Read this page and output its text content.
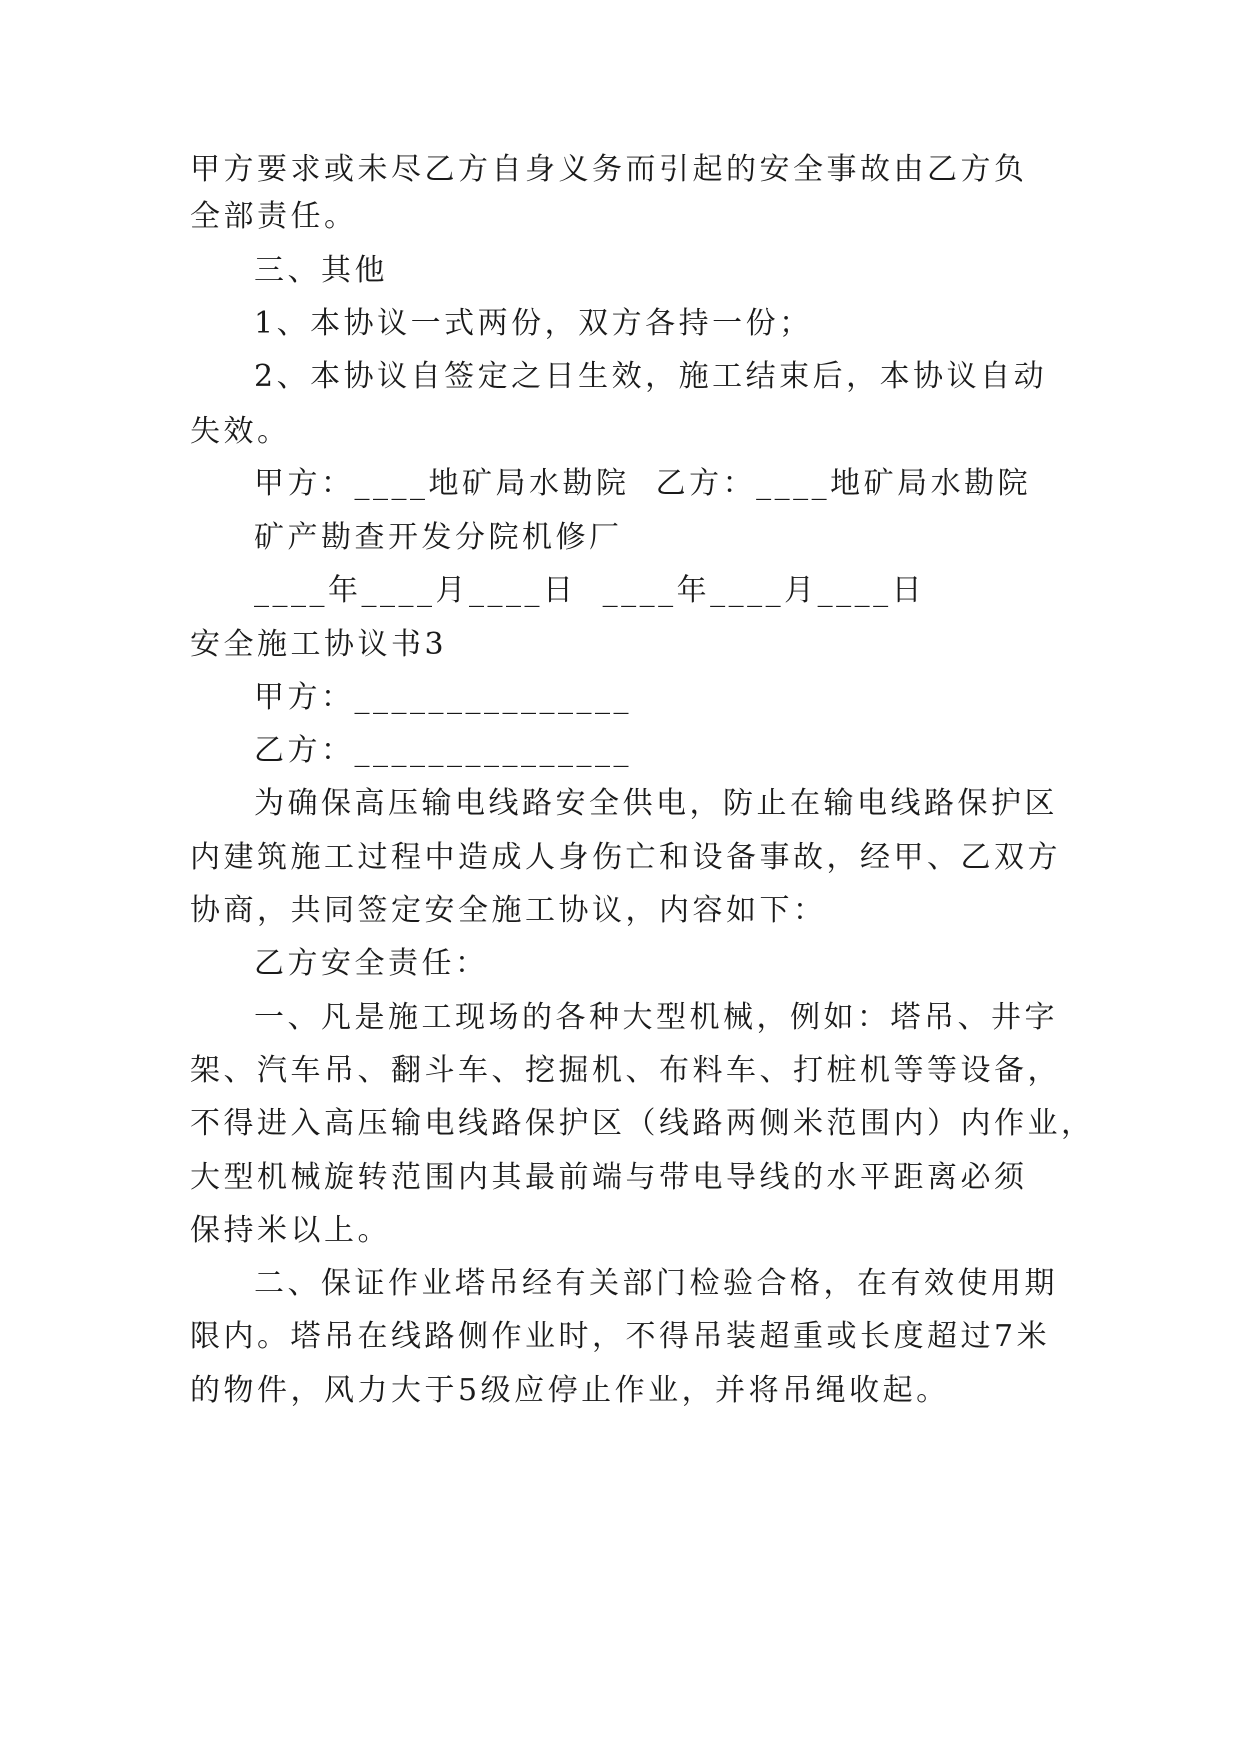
甲方要求或未尽乙方自身义务而引起的安全事故由乙方负
全部责任。
三、其他
1、本协议一式两份，双方各持一份；
2、本协议自签定之日生效，施工结束后，本协议自动
失效。
甲方：____地矿局水勘院  乙方：____地矿局水勘院
矿产勘查开发分院机修厂
____年____月____日  ____年____月____日
安全施工协议书3
甲方：_______________
乙方：_______________
为确保高压输电线路安全供电，防止在输电线路保护区
内建筑施工过程中造成人身伤亡和设备事故，经甲、乙双方
协商，共同签定安全施工协议，内容如下：
乙方安全责任：
一、凡是施工现场的各种大型机械，例如：塔吊、井字
架、汽车吊、翻斗车、挖掘机、布料车、打桩机等等设备，
不得进入高压输电线路保护区（线路两侧米范围内）内作业，
大型机械旋转范围内其最前端与带电导线的水平距离必须
保持米以上。
二、保证作业塔吊经有关部门检验合格，在有效使用期
限内。塔吊在线路侧作业时，不得吊装超重或长度超过7米
的物件，风力大于5级应停止作业，并将吊绳收起。
